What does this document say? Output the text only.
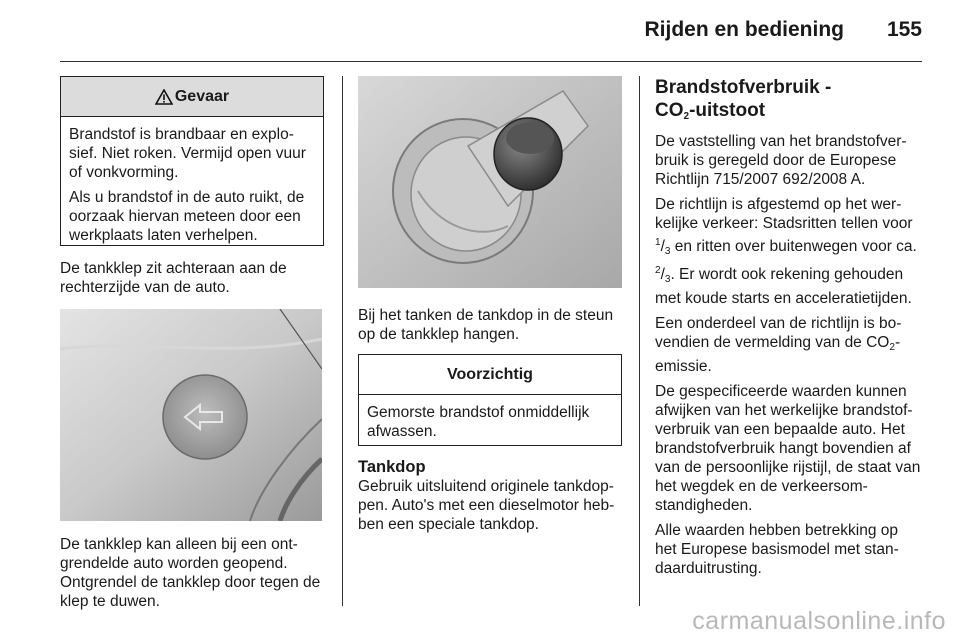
Rijden en bediening 155
Gevaar

Brandstof is brandbaar en explo-sief. Niet roken. Vermijd open vuur of vonkvorming.

Als u brandstof in de auto ruikt, de oorzaak hiervan meteen door een werkplaats laten verhelpen.

De tankklep zit achteraan aan de rechterzijde van de auto.

De tankklep kan alleen bij een ont-grendelde auto worden geopend. Ontgrendel de tankklep door tegen de klep te duwen.

Bij het tanken de tankdop in de steun op de tankklep hangen.

Voorzichtig

Gemorste brandstof onmiddellijk afwassen.

Tankdop

Gebruik uitsluitend originele tankdop-pen. Auto's met een dieselmotor heb-ben een speciale tankdop.

Brandstofverbruik -
$CO_2$-uitstoot

De vaststelling van het brandstofver-bruik is geregeld door de Europese Richtlijn 715/2007 692/2008 A.

De richtlijn is afgestemd op het wer-kelijke verkeer: Stadsritten tellen voor $^1/_3$ en ritten over buitenwegen voor ca. $^2/_3$. Er wordt ook rekening gehouden met koude starts en acceleratietijden.

Een onderdeel van de richtlijn is bo-vendien de vermelding van de $CO_2$-emissie.

De gespecificeerde waarden kunnen afwijken van het werkelijke brandstof-verbruik van een bepaalde auto. Het brandstofverbruik hangt bovendien af van de persoonlijke rijstijl, de staat van het wegdek en de verkeersom-standigheden.

Alle waarden hebben betrekking op het Europese basismodel met stan-daarduitrusting.

carmanualsonline.info
